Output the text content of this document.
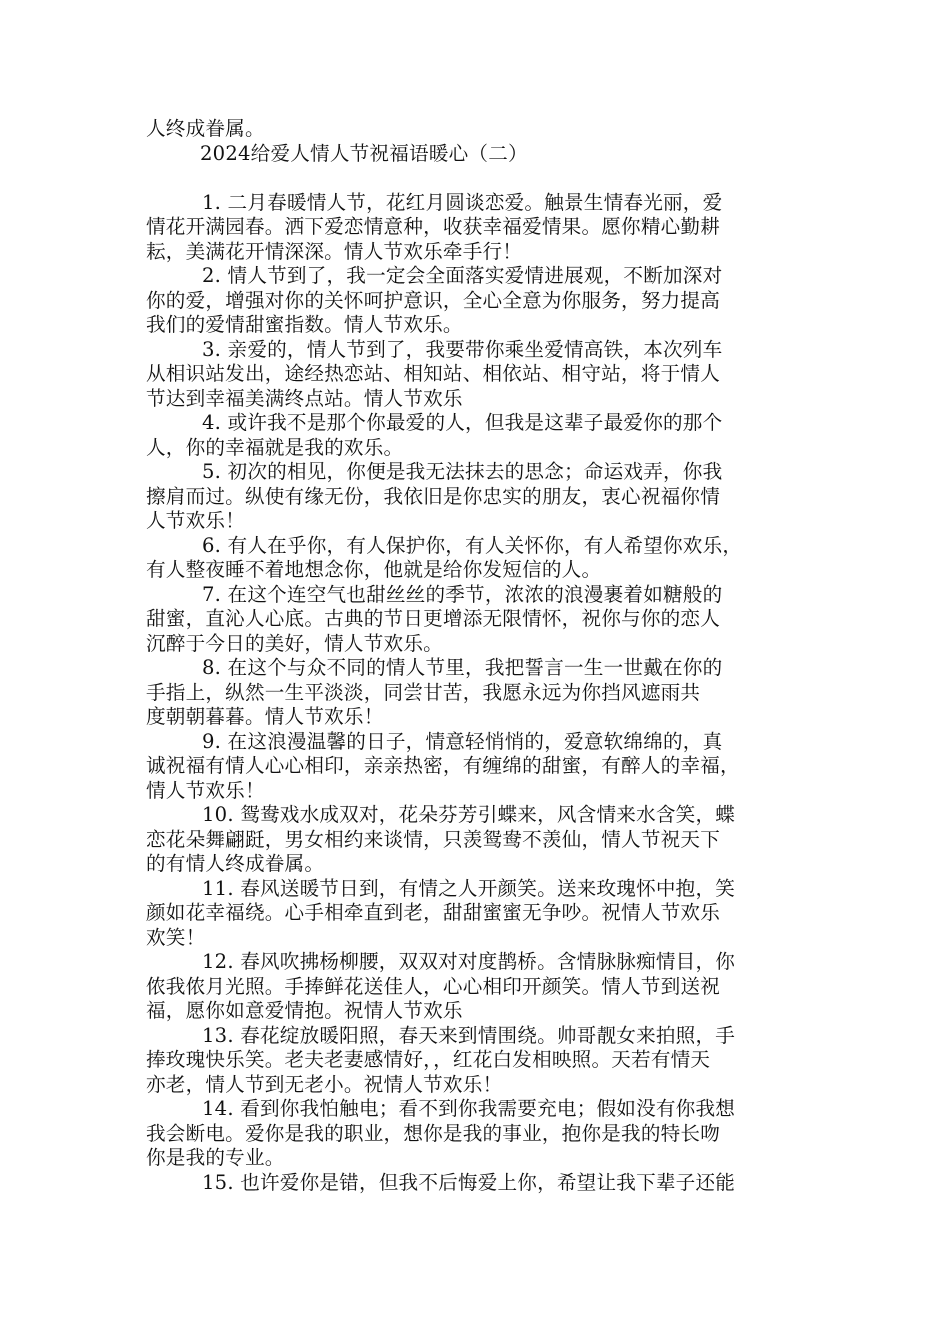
人终成眷属。
2024给爱人情人节祝福语暖心（二）
1. 二月春暖情人节，花红月圆谈恋爱。触景生情春光丽，爱
情花开满园春。洒下爱恋情意种，收获幸福爱情果。愿你精心勤耕
耘，美满花开情深深。情人节欢乐牵手行！
2. 情人节到了，我一定会全面落实爱情进展观，不断加深对
你的爱，增强对你的关怀呵护意识，全心全意为你服务，努力提高
我们的爱情甜蜜指数。情人节欢乐。
3. 亲爱的，情人节到了，我要带你乘坐爱情高铁，本次列车
从相识站发出，途经热恋站、相知站、相依站、相守站，将于情人
节达到幸福美满终点站。情人节欢乐
4. 或许我不是那个你最爱的人，但我是这辈子最爱你的那个
人，你的幸福就是我的欢乐。
5. 初次的相见，你便是我无法抹去的思念；命运戏弄，你我
擦肩而过。纵使有缘无份，我依旧是你忠实的朋友，衷心祝福你情
人节欢乐！
6. 有人在乎你，有人保护你，有人关怀你，有人希望你欢乐，
有人整夜睡不着地想念你，他就是给你发短信的人。
7. 在这个连空气也甜丝丝的季节，浓浓的浪漫裹着如糖般的
甜蜜，直沁人心底。古典的节日更增添无限情怀，祝你与你的恋人
沉醉于今日的美好，情人节欢乐。
8. 在这个与众不同的情人节里，我把誓言一生一世戴在你的
手指上，纵然一生平淡淡，同尝甘苦，我愿永远为你挡风遮雨共
度朝朝暮暮。情人节欢乐！
9. 在这浪漫温馨的日子，情意轻悄悄的，爱意软绵绵的，真
诚祝福有情人心心相印，亲亲热密，有缠绵的甜蜜，有醉人的幸福，
情人节欢乐！
10. 鸳鸯戏水成双对，花朵芬芳引蝶来，风含情来水含笑，蝶
恋花朵舞翩跹，男女相约来谈情，只羡鸳鸯不羡仙，情人节祝天下
的有情人终成眷属。
11. 春风送暖节日到，有情之人开颜笑。送来玫瑰怀中抱，笑
颜如花幸福绕。心手相牵直到老，甜甜蜜蜜无争吵。祝情人节欢乐
欢笑！
12. 春风吹拂杨柳腰，双双对对度鹊桥。含情脉脉痴情目，你
侬我侬月光照。手捧鲜花送佳人，心心相印开颜笑。情人节到送祝
福，愿你如意爱情抱。祝情人节欢乐
13. 春花绽放暖阳照，春天来到情围绕。帅哥靓女来拍照，手
捧玫瑰快乐笑。老夫老妻感情好，，红花白发相映照。天若有情天
亦老，情人节到无老小。祝情人节欢乐！
14. 看到你我怕触电；看不到你我需要充电；假如没有你我想
我会断电。爱你是我的职业，想你是我的事业，抱你是我的特长吻
你是我的专业。
15. 也许爱你是错，但我不后悔爱上你，希望让我下辈子还能
